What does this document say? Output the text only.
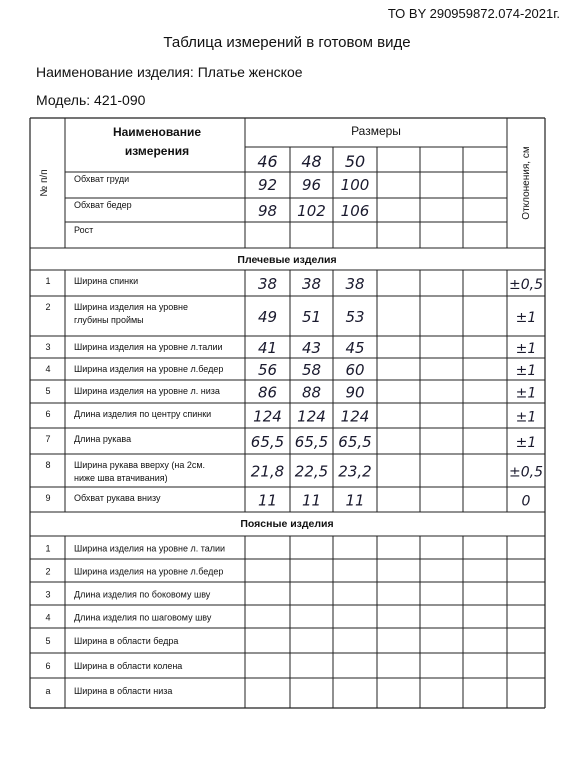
ТО BY 290959872.074-2021г.
Таблица измерений в готовом виде
Наименование изделия: Платье женское
Модель: 421-090
№ п/п
Наименование
измерения
Размеры
Отклонения, см
46 48 50
Обхват груди	92 96 100
Обхват бедер	98 102 106
Рост
Плечевые изделия
Поясные изделия
1	Ширина спинки	38 38 38	±0,5
2	Ширина изделия на уровне
глубины проймы	49 51 53	±1
3	Ширина изделия на уровне л.талии 41 43 45	±1
4	Ширина изделия на уровне л.бедер 56 58 60	±1
5	Ширина изделия на уровне л. низа	86 88 90	±1
6	Длина изделия по центру спинки	124 124 124	±1
7	Длина рукава	65,5 65,5 65,5	±1
8	Ширина рукава вверху (на 2см.
ниже шва втачивания)	21,8 22,5 23,2	±0,5
9	Обхват рукава внизу	11 11 11	0
1	Ширина изделия на уровне л. талии
2	Ширина изделия на уровне л.бедер
3	Длина изделия по боковому шву
4	Длина изделия по шаговому шву
5	Ширина в области бедра
6	Ширина в области колена
а	Ширина в области низа
